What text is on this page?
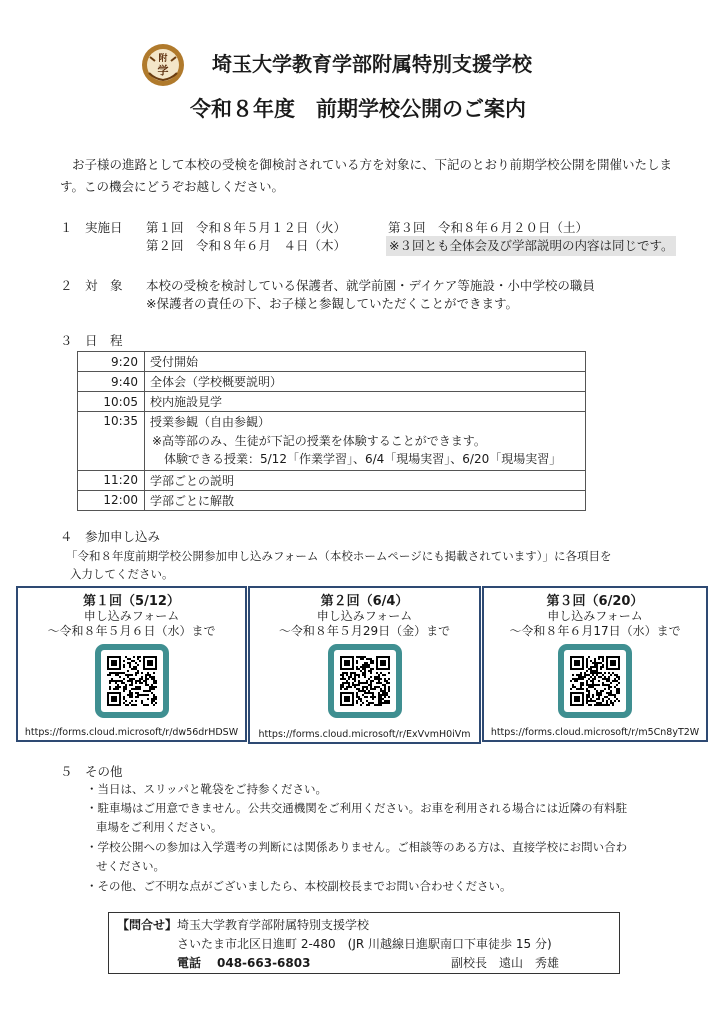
附
学 埼玉大学教育学部附属特別支援学校
令和８年度　前期学校公開のご案内
お子様の進路として本校の受検を御検討されている方を対象に、下記のとおり前期学校公開を開催いたします。この機会にどうぞお越しください。
１　実施日 第１回　令和８年５月１２日（火）
第２回　令和８年６月　４日（木）
第３回　令和８年６月２０日（土）
※３回とも全体会及び学部説明の内容は同じです。
２　対　象 本校の受検を検討している保護者、就学前園・デイケア等施設・小中学校の職員
※保護者の責任の下、お子様と参観していただくことができます。
３　日　程
9:20	受付開始
9:40	全体会（学校概要説明）
10:05	校内施設見学
10:35	授業参観（自由参観）
※高等部のみ、生徒が下記の授業を体験することができます。
体験できる授業：5/12「作業学習」、6/4「現場実習」、6/20「現場実習」

11:20	学部ごとの説明
12:00	学部ごとに解散
４　参加申し込み
「令和８年度前期学校公開参加申し込みフォーム（本校ホームページにも掲載されています）」に各項目を
入力してください。
第１回（5/12）
申し込みフォーム
～令和８年５月６日（水）まで
https://forms.cloud.microsoft/r/dw56drHDSW
第２回（6/4）
申し込みフォーム
～令和８年５月29日（金）まで
https://forms.cloud.microsoft/r/ExVvmH0iVm
第３回（6/20）
申し込みフォーム
～令和８年６月17日（水）まで
https://forms.cloud.microsoft/r/m5Cn8yT2W
５　その他
・当日は、スリッパと靴袋をご持参ください。
・駐車場はご用意できません。公共交通機関をご利用ください。お車を利用される場合には近隣の有料駐
車場をご利用ください。
・学校公開への参加は入学選考の判断には関係ありません。ご相談等のある方は、直接学校にお問い合わ
せください。
・その他、ご不明な点がございましたら、本校副校長までお問い合わせください。
【問合せ】 埼玉大学教育学部附属特別支援学校
さいたま市北区日進町 2-480　(JR 川越線日進駅南口下車徒歩 15 分)
電話 048-663-6803	副校長　遠山　秀雄
